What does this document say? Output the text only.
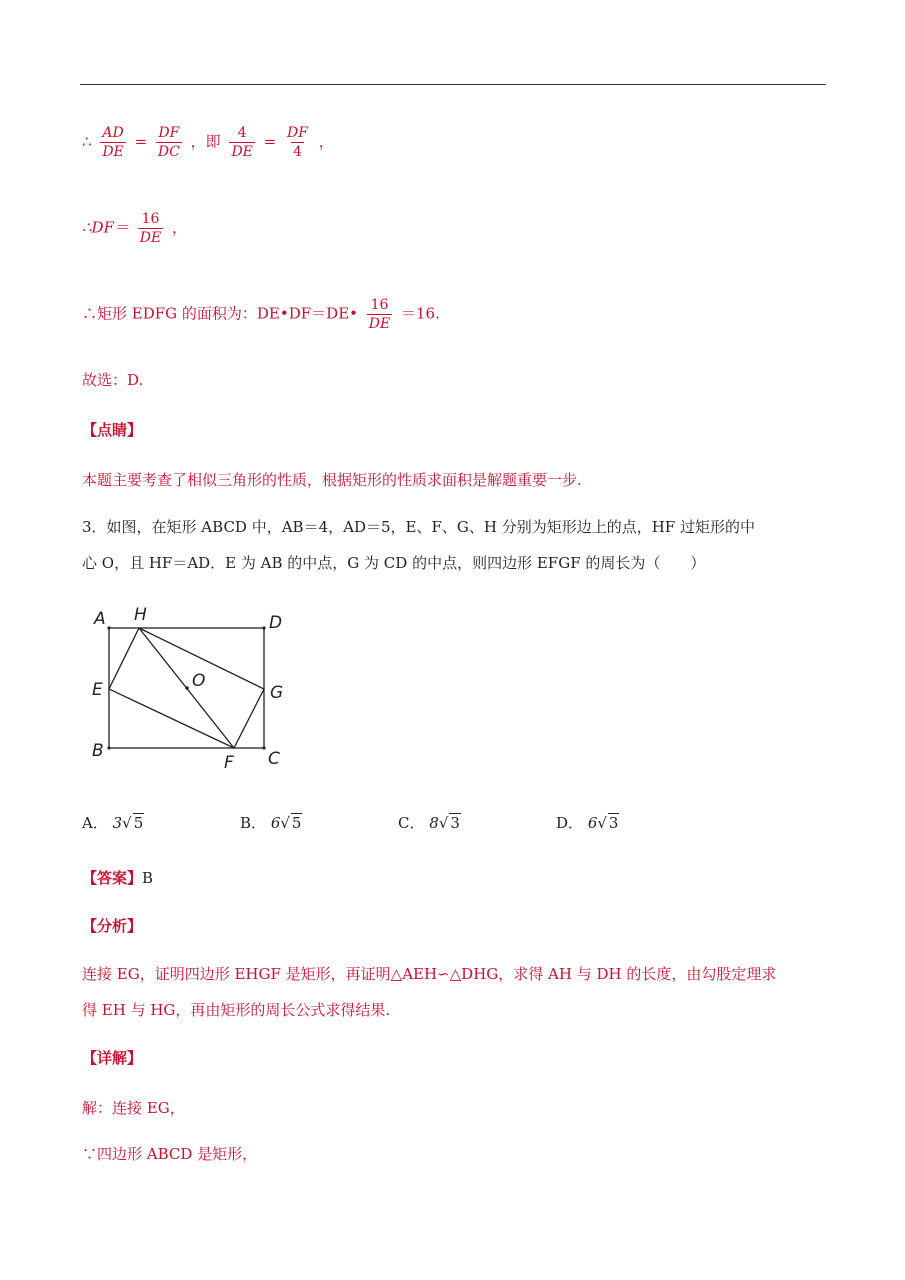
∴ $\frac{AD}{DE} = \frac{DF}{DC}$ ，即 $\frac{4}{DE} = \frac{DF}{4}$ ，
∴DF＝ $\frac{16}{DE}$ ，
∴矩形 EDFG 的面积为：DE•DF＝DE• $\frac{16}{DE} =16$.
故选：D.
【点睛】
本题主要考查了相似三角形的性质，根据矩形的性质求面积是解题重要一步.
3．如图，在矩形 ABCD 中，AB＝4，AD＝5，E、F、G、H 分别为矩形边上的点，HF 过矩形的中
心 O，且 HF＝AD．E 为 AB 的中点，G 为 CD 的中点，则四边形 EFGF 的周长为（　　）
A H	D
E	O
G
B
F C
A． 3√ 5	B． 6√ 5	C． 8√ 3	D． 6√ 3
【答案】B
【分析】
连接 EG，证明四边形 EHGF 是矩形，再证明△AEH∽△DHG，求得 AH 与 DH 的长度，由勾股定理求
得 EH 与 HG，再由矩形的周长公式求得结果.
【详解】
解：连接 EG，
∵四边形 ABCD 是矩形，
